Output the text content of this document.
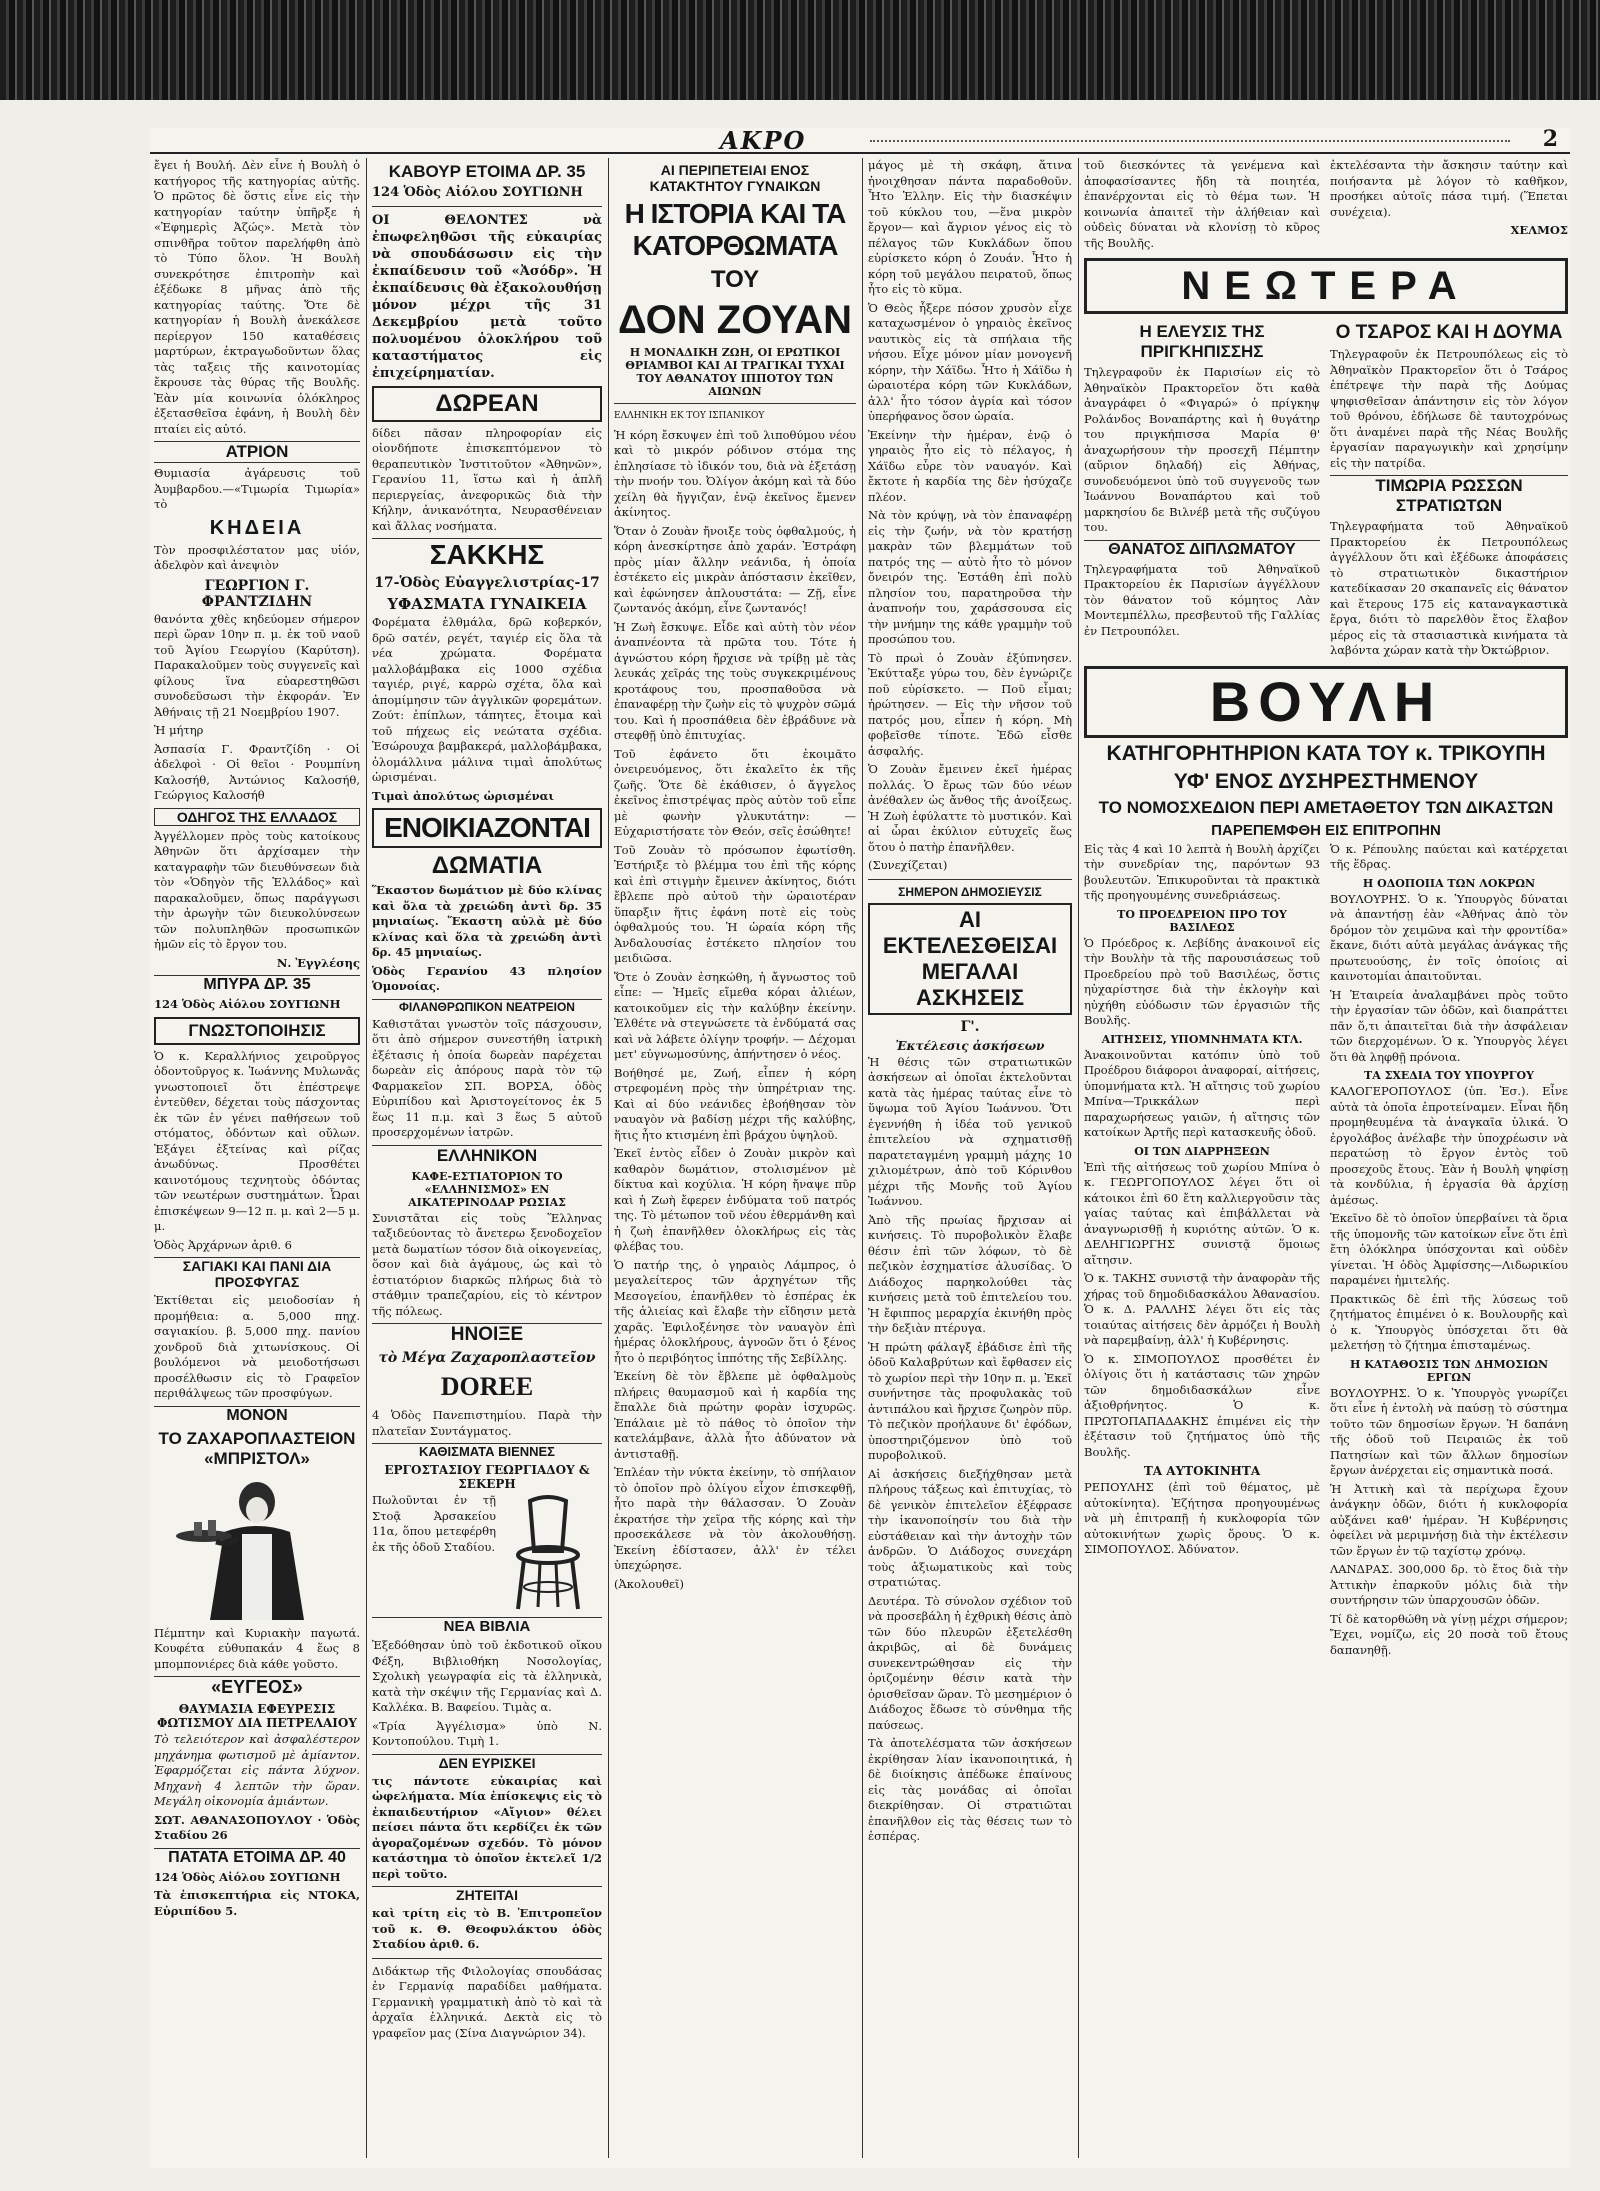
ΑΚΡΟ	2

ἔγει ἡ Βουλή. Δὲν εἶνε ἡ Βουλὴ ὁ κατήγορος τῆς κατηγορίας αὐτῆς. Ὁ πρῶτος δὲ ὅστις εἶνε εἰς τὴν κατηγορίαν ταύτην ὑπῆρξε ἡ «Ἐφημερὶς Ἀζώς». Μετὰ τὸν σπινθῆρα τοῦτον παρελήφθη ἀπὸ τὸ Τύπο ὅλον. Ἡ Βουλὴ συνεκρότησε ἐπιτροπὴν καὶ ἐξέδωκε 8 μῆνας ἀπὸ τῆς κατηγορίας ταύτης. Ὅτε δὲ κατηγορίαν ἡ Βουλὴ ἀνεκάλεσε περίεργον 150 καταθέσεις μαρτύρων, ἐκτραγωδοῦντων ὅλας τὰς ταξεις τῆς καινοτομίας ἔκρουσε τὰς θύρας τῆς Βουλῆς. Ἐὰν μία κοινωνία ὁλόκληρος ἐξετασθεῖσα ἐφάνη, ἡ Βουλὴ δὲν πταίει εἰς αὐτό.

ΑΤΡΙΟΝ

Θυμιασία ἀγάρευσις τοῦ Ἀυμβαρδου.—«Τιμωρία Τιμωρία» τὸ

ΚΗΔΕΙΑ

Τὸν προσφιλέστατον μας υἱόν, ἀδελφὸν καὶ ἀνεψιὸν

ΓΕΩΡΓΙΟΝ Γ. ΦΡΑΝΤΖΙΔΗΝ

θανόντα χθὲς κηδεύομεν σήμερον περὶ ὥραν 10ην π. μ. ἐκ τοῦ ναοῦ τοῦ Ἁγίου Γεωργίου (Καρύτση). Παρακαλοῦμεν τοὺς συγγενεῖς καὶ φίλους ἵνα εὐαρεστηθῶσι συνοδεῦσωσι τὴν ἐκφοράν. Ἐν Ἀθήναις τῇ 21 Νοεμβρίου 1907.

Ἡ μήτηρ

Ἀσπασία Γ. Φραντζίδη · Οἱ ἀδελφοὶ · Οἱ θεῖοι · Ρουμπίνη Καλοσήθ, Ἀντώνιος Καλοσήθ, Γεώργιος Καλοσήθ

ΟΔΗΓΟΣ ΤΗΣ ΕΛΛΑΔΟΣ

Ἀγγέλλομεν πρὸς τοὺς κατοίκους Ἀθηνῶν ὅτι ἀρχίσαμεν τὴν καταγραφὴν τῶν διευθύνσεων διὰ τὸν «Ὁδηγὸν τῆς Ἑλλάδος» καὶ παρακαλοῦμεν, ὅπως παράγγωσι τὴν ἀρωγὴν τῶν διευκολύνσεων τῶν πολυπληθῶν προσωπικῶν ἡμῶν εἰς τὸ ἔργον του.

Ν. Ἐγγλέσης

ΜΠΥΡΑ ΔΡ. 35

124 Ὁδὸς Αἰόλου ΣΟΥΓΙΩΝΗ

ΓΝΩΣΤΟΠΟΙΗΣΙΣ

Ὁ κ. Κεραλλήνιος χειροῦργος ὀδοντοῦργος κ. Ἰωάννης Μυλωνᾶς γνωστοποιεῖ ὅτι ἐπέστρεψε ἐντεῦθεν, δέχεται τοὺς πάσχοντας ἐκ τῶν ἐν γένει παθήσεων τοῦ στόματος, ὀδόντων καὶ οὔλων. Ἐξάγει ἐξτείνας καὶ ρίζας ἀνωδύνως. Προσθέτει καινοτόμους τεχνητοὺς ὀδόντας τῶν νεωτέρων συστημάτων. Ὧραι ἐπισκέψεων 9—12 π. μ. καὶ 2—5 μ. μ.

Ὁδὸς Ἀρχάρνων ἀριθ. 6

ΣΑΓΙΑΚΙ ΚΑΙ ΠΑΝΙ ΔΙΑ ΠΡΟΣΦΥΓΑΣ

Ἐκτίθεται εἰς μειοδοσίαν ἡ προμήθεια: α. 5,000 πηχ. σαγιακίου. β. 5,000 πηχ. πανίου χονδροῦ διὰ χιτωνίσκους. Οἱ βουλόμενοι νὰ μειοδοτήσωσι προσέλθωσιν εἰς τὸ Γραφεῖον περιθάλψεως τῶν προσφύγων.

ΜΟΝΟΝ
ΤΟ ΖΑΧΑΡΟΠΛΑΣΤΕΙΟΝ «ΜΠΡΙΣΤΟΛ»

Πέμπτην καὶ Κυριακὴν παγωτά. Κουφέτα εὐθυπακάν 4 ἕως 8 μπομπονιέρες διὰ κάθε γοῦστο.

«ΕΥΓΕΟΣ»
ΘΑΥΜΑΣΙΑ ΕΦΕΥΡΕΣΙΣ ΦΩΤΙΣΜΟΥ ΔΙΑ ΠΕΤΡΕΛΑΙΟΥ

Τὸ τελειότερον καὶ ἀσφαλέστερον μηχάνημα φωτισμοῦ μὲ ἀμίαντον. Ἐφαρμόζεται εἰς πάντα λύχνον. Μηχανὴ 4 λεπτῶν τὴν ὥραν. Μεγάλη οἰκονομία ἀμιάντων.

ΣΩΤ. ΑΘΑΝΑΣΟΠΟΥΛΟΥ · Ὁδὸς Σταδίου 26

ΠΑΤΑΤΑ ΕΤΟΙΜΑ ΔΡ. 40

124 Ὁδὸς Αἰόλου ΣΟΥΓΙΩΝΗ

Τὰ ἐπισκεπτήρια εἰς ΝΤΟΚΑ, Εὐριπίδου 5.

ΚΑΒΟΥΡ ΕΤΟΙΜΑ ΔΡ. 35

124 Ὁδὸς Αἰόλου ΣΟΥΓΙΩΝΗ

ΟΙ ΘΕΛΟΝΤΕΣ νὰ ἐπωφεληθῶσι τῆς εὐκαιρίας νὰ σπουδάσωσιν εἰς τὴν ἐκπαίδευσιν τοῦ «Ἀσόδρ». Ἡ ἐκπαίδευσις θὰ ἐξακολουθήσῃ μόνον μέχρι τῆς 31 Δεκεμβρίου μετὰ τοῦτο πολυομένου ὁλοκλήρου τοῦ καταστήματος εἰς ἐπιχείρηματίαν.

ΔΩΡΕΑΝ

δίδει πᾶσαν πληροφορίαν εἰς οἰονδήποτε ἐπισκεπτόμενον τὸ θεραπευτικὸν Ἰνστιτοῦτον «Ἀθηνῶν», Γερανίου 11, ἵστω καὶ ἡ ἀπλῆ περιεργείας, ἀνεφορικῶς διὰ τὴν Κήλην, ἀνικανότητα, Νευρασθένειαν καὶ ἄλλας νοσήματα.

ΣΑΚΚΗΣ
17-Ὁδὸς Εὐαγγελιστρίας-17
ΥΦΑΣΜΑΤΑ ΓΥΝΑΙΚΕΙΑ

Φορέματα ἐλθμάλα, δρῶ κοβερκόν, δρῶ σατέν, ρεγέτ, ταγιέρ εἰς ὅλα τὰ νέα χρώματα. Φορέματα μαλλοβάμβακα εἰς 1000 σχέδια ταγιέρ, ριγέ, καρρὼ σχέτα, ὅλα καὶ ἀπομίμησιν τῶν ἀγγλικῶν φορεμάτων. Ζούτ: ἐπίπλων, τάπητες, ἔτοιμα καὶ τοῦ πήχεως εἰς νεώτατα σχέδια. Ἐσώρουχα βαμβακερά, μαλλοβάμβακα, ὁλομάλλινα μάλινα τιμαὶ ἀπολύτως ὡρισμέναι.

Τιμαὶ ἀπολύτως ὡρισμέναι

ΕΝΟΙΚΙΑΖΟΝΤΑΙ
ΔΩΜΑΤΙΑ

Ἕκαστον δωμάτιον μὲ δύο κλίνας καὶ ὅλα τὰ χρειώδη ἀντὶ δρ. 35 μηνιαίως. Ἕκαστη αὐλὰ μὲ δύο κλίνας καὶ ὅλα τὰ χρειώδη ἀντὶ δρ. 45 μηνιαίως.

Ὁδὸς Γερανίου 43 πλησίον Ὁμονοίας.

ΦΙΛΑΝΘΡΩΠΙΚΟΝ ΝΕΑΤΡΕΙΟΝ

Καθιστᾶται γνωστὸν τοῖς πάσχουσιν, ὅτι ἀπὸ σήμερον συνεστήθη ἰατρικὴ ἐξέτασις ἡ ὁποία δωρεὰν παρέχεται δωρεὰν εἰς ἀπόρους παρὰ τὸν τῷ Φαρμακεῖον ΣΠ. ΒΟΡΣΑ, ὁδὸς Εὐριπίδου καὶ Ἀριστογείτονος ἐκ 5 ἕως 11 π.μ. καὶ 3 ἕως 5 αὐτοῦ προσερχομένων ἰατρῶν.

ΕΛΛΗΝΙΚΟΝ
ΚΑΦΕ-ΕΣΤΙΑΤΟΡΙΟΝ ΤΟ «ΕΛΛΗΝΙΣΜΟΣ» ΕΝ ΑΙΚΑΤΕΡΙΝΟΔΑΡ ΡΩΣΙΑΣ

Συνιστᾶται εἰς τοὺς Ἕλληνας ταξιδεύοντας τὸ ἄνετερω ξενοδοχεῖον μετὰ δωματίων τόσον διὰ οἰκογενείας, ὅσον καὶ διὰ ἀγάμους, ὡς καὶ τὸ ἑστιατόριον διαρκῶς πλήρως διὰ τὸ στάθμιν τραπεζαρίου, εἰς τὸ κέντρον τῆς πόλεως.

ΗΝΟΙΞΕ
τὸ Μέγα Ζαχαροπλαστεῖον
DOREE

4 Ὁδὸς Πανεπιστημίου. Παρὰ τὴν πλατεῖαν Συντάγματος.

ΚΑΘΙΣΜΑΤΑ ΒΙΕΝΝΕΣ
ΕΡΓΟΣΤΑΣΙΟΥ ΓΕΩΡΓΙΑΔΟΥ & ΣΕΚΕΡΗ

Πωλοῦνται ἐν τῇ Στοᾷ Ἀρσακείου 11α, ὅπου μετεφέρθη ἐκ τῆς ὁδοῦ Σταδίου.

ΝΕΑ ΒΙΒΛΙΑ

Ἐξεδόθησαν ὑπὸ τοῦ ἐκδοτικοῦ οἴκου Φέξη, Βιβλιοθήκη Νοσολογίας, Σχολικὴ γεωγραφία εἰς τὰ ἑλληνικὰ, κατὰ τὴν σκέψιν τῆς Γερμανίας καὶ Δ. Καλλέκα. Β. Βαφείου. Τιμὰς α.

«Τρία Ἀγγέλισμα» ὑπὸ Ν. Κοντοπούλου. Τιμὴ 1.

ΔΕΝ ΕΥΡΙΣΚΕΙ

τις πάντοτε εὐκαιρίας καὶ ὠφελήματα. Μία ἐπίσκεψις εἰς τὸ ἐκπαιδευτήριον «Αἴγιον» θέλει πείσει πάντα ὅτι κερδίζει ἐκ τῶν ἀγοραζομένων σχεδόν. Τὸ μόνον κατάστημα τὸ ὁποῖον ἐκτελεῖ 1/2 περὶ τοῦτο.

ΖΗΤΕΙΤΑΙ

καὶ τρίτη εἰς τὸ Β. Ἐπιτροπεῖον τοῦ κ. Θ. Θεοφυλάκτου ὁδὸς Σταδίου ἀριθ. 6.

Διδάκτωρ τῆς Φιλολογίας σπουδάσας ἐν Γερμανίᾳ παραδίδει μαθήματα. Γερμανικὴ γραμματικὴ ἀπὸ τὸ καὶ τὰ ἀρχαῖα ἑλληνικά. Δεκτὰ εἰς τὸ γραφεῖον μας (Σίνα Διαγνώριον 34).

ΑΙ ΠΕΡΙΠΕΤΕΙΑΙ ΕΝΟΣ ΚΑΤΑΚΤΗΤΟΥ ΓΥΝΑΙΚΩΝ
Η ΙΣΤΟΡΙΑ ΚΑΙ ΤΑ ΚΑΤΟΡΘΩΜΑΤΑ
ΤΟΥ
ΔΟΝ ΖΟΥΑΝ
Η ΜΟΝΑΔΙΚΗ ΖΩΗ, ΟΙ ΕΡΩΤΙΚΟΙ ΘΡΙΑΜΒΟΙ ΚΑΙ ΑΙ ΤΡΑΓΙΚΑΙ ΤΥΧΑΙ ΤΟΥ ΑΘΑΝΑΤΟΥ ΙΠΠΟΤΟΥ ΤΩΝ ΑΙΩΝΩΝ

ΕΛΛΗΝΙΚΗ ΕΚ ΤΟΥ ΙΣΠΑΝΙΚΟΥ

Ἡ κόρη ἔσκυψεν ἐπὶ τοῦ λιποθύμου νέου καὶ τὸ μικρόν ρόδινον στόμα της ἐπλησίασε τὸ ἰδικόν του, διὰ νὰ ἐξετάσῃ τὴν πνοήν του. Ὀλίγον ἀκόμη καὶ τὰ δύο χείλη θὰ ἤγγιζαν, ἐνῷ ἐκεῖνος ἔμενεν ἀκίνητος.

Ὅταν ὁ Ζουὰν ἤνοιξε τοὺς ὀφθαλμούς, ἡ κόρη ἀνεσκίρτησε ἀπὸ χαράν. Ἐστράφη πρὸς μίαν ἄλλην νεάνιδα, ἡ ὁποία ἐστέκετο εἰς μικρὰν ἀπόστασιν ἐκεῖθεν, καὶ ἐφώνησεν ἀπλουστάτα: — Ζῇ, εἶνε ζωντανός ἀκόμη, εἶνε ζωντανός!

Ἡ Ζωὴ ἔσκυψε. Εἶδε καὶ αὐτὴ τὸν νέον ἀναπνέοντα τὰ πρῶτα του. Τότε ἡ ἀγνώστου κόρη ἤρχισε νὰ τρίβῃ μὲ τὰς λευκάς χεῖράς της τοὺς συγκεκριμένους κροτάφους του, προσπαθοῦσα νὰ ἐπαναφέρῃ τὴν ζωὴν εἰς τὸ ψυχρὸν σῶμά του. Καὶ ἡ προσπάθεια δὲν ἐβράδυνε νὰ στεφθῇ ὑπὸ ἐπιτυχίας.

Τοῦ ἐφάνετο ὅτι ἐκοιμᾶτο ὀνειρευόμενος, ὅτι ἐκαλεῖτο ἐκ τῆς ζωῆς. Ὅτε δὲ ἐκάθισεν, ὁ ἄγγελος ἐκεῖνος ἐπιστρέψας πρὸς αὐτὸν τοῦ εἶπε μὲ φωνὴν γλυκυτάτην: — Εὐχαριστήσατε τὸν Θεόν, σεῖς ἐσώθητε!

Τοῦ Ζουὰν τὸ πρόσωπον ἐφωτίσθη. Ἐστήριξε τὸ βλέμμα του ἐπὶ τῆς κόρης καὶ ἐπὶ στιγμὴν ἔμεινεν ἀκίνητος, διότι ἔβλεπε πρὸ αὐτοῦ τὴν ὡραιοτέραν ὕπαρξιν ἥτις ἐφάνη ποτὲ εἰς τοὺς ὀφθαλμούς του. Ἡ ὡραία κόρη τῆς Ἀνδαλουσίας ἐστέκετο πλησίον του μειδιῶσα.

Ὅτε ὁ Ζουὰν ἐσηκώθη, ἡ ἄγνωστος τοῦ εἶπε: — Ἡμεῖς εἴμεθα κόραι ἁλιέων, κατοικοῦμεν εἰς τὴν καλύβην ἐκείνην. Ἐλθέτε νὰ στεγνώσετε τὰ ἐνδύματά σας καὶ νὰ λάβετε ὀλίγην τροφήν. — Δέχομαι μετ' εὐγνωμοσύνης, ἀπήντησεν ὁ νέος.

Βοήθησέ με, Ζωή, εἶπεν ἡ κόρη στρεφομένη πρὸς τὴν ὑπηρέτριαν της. Καὶ αἱ δύο νεάνιδες ἐβοήθησαν τὸν ναυαγὸν νὰ βαδίσῃ μέχρι τῆς καλύβης, ἥτις ἦτο κτισμένη ἐπὶ βράχου ὑψηλοῦ.

Ἐκεῖ ἐντὸς εἶδεν ὁ Ζουὰν μικρὸν καὶ καθαρὸν δωμάτιον, στολισμένον μὲ δίκτυα καὶ κοχύλια. Ἡ κόρη ἤναψε πῦρ καὶ ἡ Ζωὴ ἔφερεν ἐνδύματα τοῦ πατρός της. Τὸ μέτωπον τοῦ νέου ἐθερμάνθη καὶ ἡ ζωὴ ἐπανῆλθεν ὁλοκλήρως εἰς τὰς φλέβας του.

Ὁ πατήρ της, ὁ γηραιὸς Λάμπρος, ὁ μεγαλείτερος τῶν ἀρχηγέτων τῆς Μεσογείου, ἐπανῆλθεν τὸ ἑσπέρας ἐκ τῆς ἁλιείας καὶ ἔλαβε τὴν εἴδησιν μετὰ χαρᾶς. Ἐφιλοξένησε τὸν ναυαγὸν ἐπὶ ἡμέρας ὁλοκλήρους, ἀγνοῶν ὅτι ὁ ξένος ἦτο ὁ περιβόητος ἱππότης τῆς Σεβίλλης.

Ἐκείνη δὲ τὸν ἔβλεπε μὲ ὀφθαλμοὺς πλήρεις θαυμασμοῦ καὶ ἡ καρδία της ἔπαλλε διὰ πρώτην φορὰν ἰσχυρῶς. Ἐπάλαιε μὲ τὸ πάθος τὸ ὁποῖον τὴν κατελάμβανε, ἀλλὰ ἦτο ἀδύνατον νὰ ἀντισταθῇ.

Ἐπλέαν τὴν νύκτα ἐκείνην, τὸ σπήλαιον τὸ ὁποῖον πρὸ ὀλίγου εἶχον ἐπισκεφθῇ, ἦτο παρὰ τὴν θάλασσαν. Ὁ Ζουὰν ἐκρατήσε τὴν χεῖρα τῆς κόρης καὶ τὴν προσεκάλεσε νὰ τὸν ἀκολουθήσῃ. Ἐκείνη ἐδίστασεν, ἀλλ' ἐν τέλει ὑπεχώρησε.

(Ἀκολουθεῖ)

μάγος μὲ τὴ σκάφη, ἅτινα ἠνοιχθησαν πάντα παραδοθοῦν. Ἦτο Ἑλλην. Εἰς τὴν διασκέψιν τοῦ κύκλου του, —ἕνα μικρὸν ἔργον— καὶ ἄγριον γένος εἰς τὸ πέλαγος τῶν Κυκλάδων ὅπου εὑρίσκετο κόρη ὁ Ζουάν. Ἦτο ἡ κόρη τοῦ μεγάλου πειρατοῦ, ὅπως ἦτο εἰς τὸ κῦμα.

Ὁ Θεὸς ἦξερε πόσον χρυσὸν εἶχε καταχωσμένον ὁ γηραιὸς ἐκεῖνος ναυτικὸς εἰς τὰ σπήλαια τῆς νήσου. Εἶχε μόνον μίαν μονογενῆ κόρην, τὴν Χάϊδω. Ἦτο ἡ Χάϊδω ἡ ὡραιοτέρα κόρη τῶν Κυκλάδων, ἀλλ' ἦτο τόσον ἀγρία καὶ τόσον ὑπερήφανος ὅσον ὡραία.

Ἐκείνην τὴν ἡμέραν, ἐνῷ ὁ γηραιὸς ἦτο εἰς τὸ πέλαγος, ἡ Χάϊδω εὗρε τὸν ναυαγόν. Καὶ ἔκτοτε ἡ καρδία της δὲν ἠσύχαζε πλέον.

Νὰ τὸν κρύψῃ, νὰ τὸν ἐπαναφέρῃ εἰς τὴν ζωήν, νὰ τὸν κρατήσῃ μακρὰν τῶν βλεμμάτων τοῦ πατρός της — αὐτὸ ἦτο τὸ μόνον ὄνειρόν της. Ἐστάθη ἐπὶ πολὺ πλησίον του, παρατηροῦσα τὴν ἀναπνοήν του, χαράσσουσα εἰς τὴν μνήμην της κάθε γραμμὴν τοῦ προσώπου του.

Τὸ πρωὶ ὁ Ζουὰν ἐξύπνησεν. Ἐκύτταξε γύρω του, δὲν ἐγνώριζε ποῦ εὑρίσκετο. — Ποῦ εἶμαι; ἠρώτησεν. — Εἰς τὴν νῆσον τοῦ πατρός μου, εἶπεν ἡ κόρη. Μὴ φοβεῖσθε τίποτε. Ἐδῶ εἶσθε ἀσφαλής.

Ὁ Ζουὰν ἔμεινεν ἐκεῖ ἡμέρας πολλάς. Ὁ ἔρως τῶν δύο νέων ἀνέθαλεν ὡς ἄνθος τῆς ἀνοίξεως. Ἡ Ζωὴ ἐφύλαττε τὸ μυστικόν. Καὶ αἱ ὧραι ἐκύλιον εὐτυχεῖς ἕως ὅτου ὁ πατὴρ ἐπανῆλθεν.

(Συνεχίζεται)

ΣΗΜΕΡΟΝ ΔΗΜΟΣΙΕΥΣΙΣ
ΑΙ ΕΚΤΕΛΕΣΘΕΙΣΑΙ ΜΕΓΑΛΑΙ ΑΣΚΗΣΕΙΣ
Γ'.
Ἐκτέλεσις ἀσκήσεων

Ἡ θέσις τῶν στρατιωτικῶν ἀσκήσεων αἱ ὁποῖαι ἐκτελοῦνται κατὰ τὰς ἡμέρας ταύτας εἶνε τὸ ὕψωμα τοῦ Ἁγίου Ἰωάννου. Ὅτι ἐγεννήθη ἡ ἰδέα τοῦ γενικοῦ ἐπιτελείου νὰ σχηματισθῇ παρατεταγμένη γραμμὴ μάχης 10 χιλιομέτρων, ἀπὸ τοῦ Κόρινθου μέχρι τῆς Μονῆς τοῦ Ἁγίου Ἰωάννου.

Ἀπὸ τῆς πρωίας ἤρχισαν αἱ κινήσεις. Τὸ πυροβολικὸν ἔλαβε θέσιν ἐπὶ τῶν λόφων, τὸ δὲ πεζικὸν ἐσχηματίσε ἀλυσίδας. Ὁ Διάδοχος παρηκολούθει τὰς κινήσεις μετὰ τοῦ ἐπιτελείου του. Ἡ ἔφιππος μεραρχία ἐκινήθη πρὸς τὴν δεξιὰν πτέρυγα.

Ἡ πρώτη φάλαγξ ἐβάδισε ἐπὶ τῆς ὁδοῦ Καλαβρύτων καὶ ἔφθασεν εἰς τὸ χωρίον περὶ τὴν 10ην π. μ. Ἐκεῖ συνήντησε τὰς προφυλακὰς τοῦ ἀντιπάλου καὶ ἤρχισε ζωηρὸν πῦρ. Τὸ πεζικὸν προήλαυνε δι' ἐφόδων, ὑποστηριζόμενον ὑπὸ τοῦ πυροβολικοῦ.

Αἱ ἀσκήσεις διεξήχθησαν μετὰ πλήρους τάξεως καὶ ἐπιτυχίας, τὸ δὲ γενικὸν ἐπιτελεῖον ἐξέφρασε τὴν ἱκανοποίησίν του διὰ τὴν εὐστάθειαν καὶ τὴν ἀντοχὴν τῶν ἀνδρῶν. Ὁ Διάδοχος συνεχάρη τοὺς ἀξιωματικοὺς καὶ τοὺς στρατιώτας.

Δευτέρα. Τὸ σύνολον σχέδιον τοῦ νὰ προσεβάλη ἡ ἐχθρικὴ θέσις ἀπὸ τῶν δύο πλευρῶν ἐξετελέσθη ἀκριβῶς, αἱ δὲ δυνάμεις συνεκεντρώθησαν εἰς τὴν ὁριζομένην θέσιν κατὰ τὴν ὁρισθεῖσαν ὥραν. Τὸ μεσημέριον ὁ Διάδοχος ἔδωσε τὸ σύνθημα τῆς παύσεως.

Τὰ ἀποτελέσματα τῶν ἀσκήσεων ἐκρίθησαν λίαν ἱκανοποιητικά, ἡ δὲ διοίκησις ἀπέδωκε ἐπαίνους εἰς τὰς μονάδας αἱ ὁποῖαι διεκρίθησαν. Οἱ στρατιῶται ἐπανῆλθον εἰς τὰς θέσεις των τὸ ἑσπέρας.

τοῦ διεσκόντες τὰ γενέμενα καὶ ἀποφασίσαντες ἤδη τὰ ποιητέα, ἐπανέρχονται εἰς τὸ θέμα των. Ἡ κοινωνία ἀπαιτεῖ τὴν ἀλήθειαν καὶ οὐδεὶς δύναται νὰ κλονίσῃ τὸ κῦρος τῆς Βουλῆς.

ἐκτελέσαντα τὴν ἄσκησιν ταύτην καὶ ποιήσαντα μὲ λόγον τὸ καθῆκον, προσήκει αὐτοῖς πάσα τιμή. (Ἕπεται συνέχεια).

ΧΕΛΜΟΣ

ΝΕΩΤΕΡΑ
Η ΕΛΕΥΣΙΣ ΤΗΣ ΠΡΙΓΚΗΠΙΣΣΗΣ

Τηλεγραφοῦν ἐκ Παρισίων εἰς τὸ Ἀθηναϊκὸν Πρακτορεῖον ὅτι καθὰ ἀναγράφει ὁ «Φιγαρώ» ὁ πρίγκηψ Ρολάνδος Βοναπάρτης καὶ ἡ θυγάτηρ του πριγκήπισσα Μαρία θ' ἀναχωρήσουν τὴν προσεχῆ Πέμπτην (αὔριον δηλαδή) εἰς Ἀθήνας, συνοδευόμενοι ὑπὸ τοῦ συγγενοῦς των Ἰωάννου Βοναπάρτου καὶ τοῦ μαρκησίου δε Βιλνέβ μετὰ τῆς συζύγου του.

ΘΑΝΑΤΟΣ ΔΙΠΛΩΜΑΤΟΥ

Τηλεγραφήματα τοῦ Ἀθηναϊκοῦ Πρακτορείου ἐκ Παρισίων ἀγγέλλουν τὸν θάνατον τοῦ κόμητος Λὰν Μοντεμπέλλω, πρεσβευτοῦ τῆς Γαλλίας ἐν Πετρουπόλει.

Ο ΤΣΑΡΟΣ ΚΑΙ Η ΔΟΥΜΑ

Τηλεγραφοῦν ἐκ Πετρουπόλεως εἰς τὸ Ἀθηναϊκὸν Πρακτορεῖον ὅτι ὁ Τσάρος ἐπέτρεψε τὴν παρὰ τῆς Δούμας ψηφισθεῖσαν ἀπάντησιν εἰς τὸν λόγον τοῦ θρόνου, ἐδήλωσε δὲ ταυτοχρόνως ὅτι ἀναμένει παρὰ τῆς Νέας Βουλῆς ἐργασίαν παραγωγικὴν καὶ χρησίμην εἰς τὴν πατρίδα.

ΤΙΜΩΡΙΑ ΡΩΣΣΩΝ ΣΤΡΑΤΙΩΤΩΝ

Τηλεγραφήματα τοῦ Ἀθηναϊκοῦ Πρακτορείου ἐκ Πετρουπόλεως ἀγγέλλουν ὅτι καὶ ἐξέδωκε ἀποφάσεις τὸ στρατιωτικὸν δικαστήριον κατεδίκασαν 20 σκαπανεῖς εἰς θάνατον καὶ ἕτερους 175 εἰς καταναγκαστικὰ ἔργα, διότι τὸ παρελθὸν ἔτος ἔλαβον μέρος εἰς τὰ στασιαστικὰ κινήματα τὰ λαβόντα χώραν κατὰ τὴν Ὀκτώβριον.

ΒΟΥΛΗ
ΚΑΤΗΓΟΡΗΤΗΡΙΟΝ ΚΑΤΑ ΤΟΥ κ. ΤΡΙΚΟΥΠΗ
ΥΦ' ΕΝΟΣ ΔΥΣΗΡΕΣΤΗΜΕΝΟΥ
ΤΟ ΝΟΜΟΣΧΕΔΙΟΝ ΠΕΡΙ ΑΜΕΤΑΘΕΤΟΥ ΤΩΝ ΔΙΚΑΣΤΩΝ
ΠΑΡΕΠΕΜΦΘΗ ΕΙΣ ΕΠΙΤΡΟΠΗΝ

Εἰς τὰς 4 καὶ 10 λεπτὰ ἡ Βουλὴ ἀρχίζει τὴν συνεδρίαν της, παρόντων 93 βουλευτῶν. Ἐπικυροῦνται τὰ πρακτικὰ τῆς προηγουμένης συνεδριάσεως.

ΤΟ ΠΡΟΕΔΡΕΙΟΝ ΠΡΟ ΤΟΥ ΒΑΣΙΛΕΩΣ

Ὁ Πρόεδρος κ. Λεβίδης ἀνακοινοῖ εἰς τὴν Βουλὴν τὰ τῆς παρουσιάσεως τοῦ Προεδρείου πρὸ τοῦ Βασιλέως, ὅστις ηὐχαρίστησε διὰ τὴν ἐκλογὴν καὶ ηὐχήθη εὐόδωσιν τῶν ἐργασιῶν τῆς Βουλῆς.

ΑΙΤΗΣΕΙΣ, ΥΠΟΜΝΗΜΑΤΑ ΚΤΛ.

Ἀνακοινοῦνται κατόπιν ὑπὸ τοῦ Προέδρου διάφοροι ἀναφοραί, αἰτήσεις, ὑπομνήματα κτλ. Ἡ αἴτησις τοῦ χωρίου Μπίνα—Τρικκάλων περὶ παραχωρήσεως γαιῶν, ἡ αἴτησις τῶν κατοίκων Ἀρτῆς περὶ κατασκευῆς ὁδοῦ.

ΟΙ ΤΩΝ ΔΙΑΡΡΗΞΕΩΝ

Ἐπὶ τῆς αἰτήσεως τοῦ χωρίου Μπίνα ὁ κ. ΓΕΩΡΓΟΠΟΥΛΟΣ λέγει ὅτι οἱ κάτοικοι ἐπὶ 60 ἔτη καλλιεργοῦσιν τὰς γαίας ταύτας καὶ ἐπιβάλλεται νὰ ἀναγνωρισθῇ ἡ κυριότης αὐτῶν. Ὁ κ. ΔΕΛΗΓΙΩΡΓΗΣ συνιστᾷ ὅμοιως αἴτησιν.

Ὁ κ. ΤΑΚΗΣ συνιστᾷ τὴν ἀναφορὰν τῆς χήρας τοῦ δημοδιδασκάλου Ἀθανασίου. Ὁ κ. Δ. ΡΑΛΛΗΣ λέγει ὅτι εἰς τὰς τοιαύτας αἰτήσεις δὲν ἀρμόζει ἡ Βουλὴ νὰ παρεμβαίνῃ, ἀλλ' ἡ Κυβέρνησις.

Ὁ κ. ΣΙΜΟΠΟΥΛΟΣ προσθέτει ἐν ὀλίγοις ὅτι ἡ κατάστασις τῶν χηρῶν τῶν δημοδιδασκάλων εἶνε ἀξιοθρήνητος. Ὁ κ. ΠΡΩΤΟΠΑΠΑΔΑΚΗΣ ἐπιμένει εἰς τὴν ἐξέτασιν τοῦ ζητήματος ὑπὸ τῆς Βουλῆς.

ΤΑ ΑΥΤΟΚΙΝΗΤΑ

ΡΕΠΟΥΛΗΣ (ἐπὶ τοῦ θέματος, μὲ αὐτοκίνητα). Ἐζήτησα προηγουμένως νὰ μὴ ἐπιτραπῇ ἡ κυκλοφορία τῶν αὐτοκινήτων χωρὶς ὅρους. Ὁ κ. ΣΙΜΟΠΟΥΛΟΣ. Ἀδύνατον.

Ὁ κ. Ρέπουλης παύεται καὶ κατέρχεται τῆς ἕδρας.

Η ΟΔΟΠΟΙΙΑ ΤΩΝ ΛΟΚΡΩΝ

ΒΟΥΛΟΥΡΗΣ. Ὁ κ. Ὑπουργὸς δύναται νὰ ἀπαντήσῃ ἐὰν «Ἀθήνας ἀπὸ τὸν δρόμον τὸν χειμῶνα καὶ τὴν φροντίδα» ἔκανε, διότι αὐτὰ μεγάλας ἀνάγκας τῆς πρωτευούσης, ἐν τοῖς ὁποίοις αἱ καινοτομίαι ἀπαιτοῦνται.

Ἡ Ἑταιρεία ἀναλαμβάνει πρὸς τοῦτο τὴν ἐργασίαν τῶν ὁδῶν, καὶ διαπράττει πᾶν ὅ,τι ἀπαιτεῖται διὰ τὴν ἀσφάλειαν τῶν διερχομένων. Ὁ κ. Ὑπουργὸς λέγει ὅτι θὰ ληφθῇ πρόνοια.

ΤΑ ΣΧΕΔΙΑ ΤΟΥ ΥΠΟΥΡΓΟΥ

ΚΑΛΟΓΕΡΟΠΟΥΛΟΣ (ὑπ. Ἐσ.). Εἶνε αὐτὰ τὰ ὁποῖα ἐπροτείναμεν. Εἶναι ἤδη προμηθευμένα τὰ ἀναγκαῖα ὑλικά. Ὁ ἐργολάβος ἀνέλαβε τὴν ὑποχρέωσιν νὰ περατώσῃ τὸ ἔργον ἐντὸς τοῦ προσεχοῦς ἔτους. Ἐὰν ἡ Βουλὴ ψηφίσῃ τὰ κονδύλια, ἡ ἐργασία θὰ ἀρχίσῃ ἀμέσως.

Ἐκεῖνο δὲ τὸ ὁποῖον ὑπερβαίνει τὰ ὅρια τῆς ὑπομονῆς τῶν κατοίκων εἶνε ὅτι ἐπὶ ἔτη ὁλόκληρα ὑπόσχονται καὶ οὐδὲν γίνεται. Ἡ ὁδὸς Ἀμφίσσης—Λιδωρικίου παραμένει ἡμιτελής.

Πρακτικῶς δὲ ἐπὶ τῆς λύσεως τοῦ ζητήματος ἐπιμένει ὁ κ. Βουλουρῆς καὶ ὁ κ. Ὑπουργὸς ὑπόσχεται ὅτι θὰ μελετήσῃ τὸ ζήτημα ἐπισταμένως.

Η ΚΑΤΑΘΟΣΙΣ ΤΩΝ ΔΗΜΟΣΙΩΝ ΕΡΓΩΝ

ΒΟΥΛΟΥΡΗΣ. Ὁ κ. Ὑπουργὸς γνωρίζει ὅτι εἶνε ἡ ἐντολὴ νὰ παύσῃ τὸ σύστημα τοῦτο τῶν δημοσίων ἔργων. Ἡ δαπάνη τῆς ὁδοῦ τοῦ Πειραιῶς ἐκ τοῦ Πατησίων καὶ τῶν ἄλλων δημοσίων ἔργων ἀνέρχεται εἰς σημαντικὰ ποσά.

Ἡ Ἀττικὴ καὶ τὰ περίχωρα ἔχουν ἀνάγκην ὁδῶν, διότι ἡ κυκλοφορία αὐξάνει καθ' ἡμέραν. Ἡ Κυβέρνησις ὀφείλει νὰ μεριμνήσῃ διὰ τὴν ἐκτέλεσιν τῶν ἔργων ἐν τῷ ταχίστῳ χρόνῳ.

ΛΑΝΔΡΑΣ. 300,000 δρ. τὸ ἔτος διὰ τὴν Ἀττικὴν ἐπαρκοῦν μόλις διὰ τὴν συντήρησιν τῶν ὑπαρχουσῶν ὁδῶν.

Τί δὲ κατορθώθη νὰ γίνῃ μέχρι σήμερον; Ἔχει, νομίζω, εἰς 20 ποσὰ τοῦ ἔτους δαπανηθῇ.
